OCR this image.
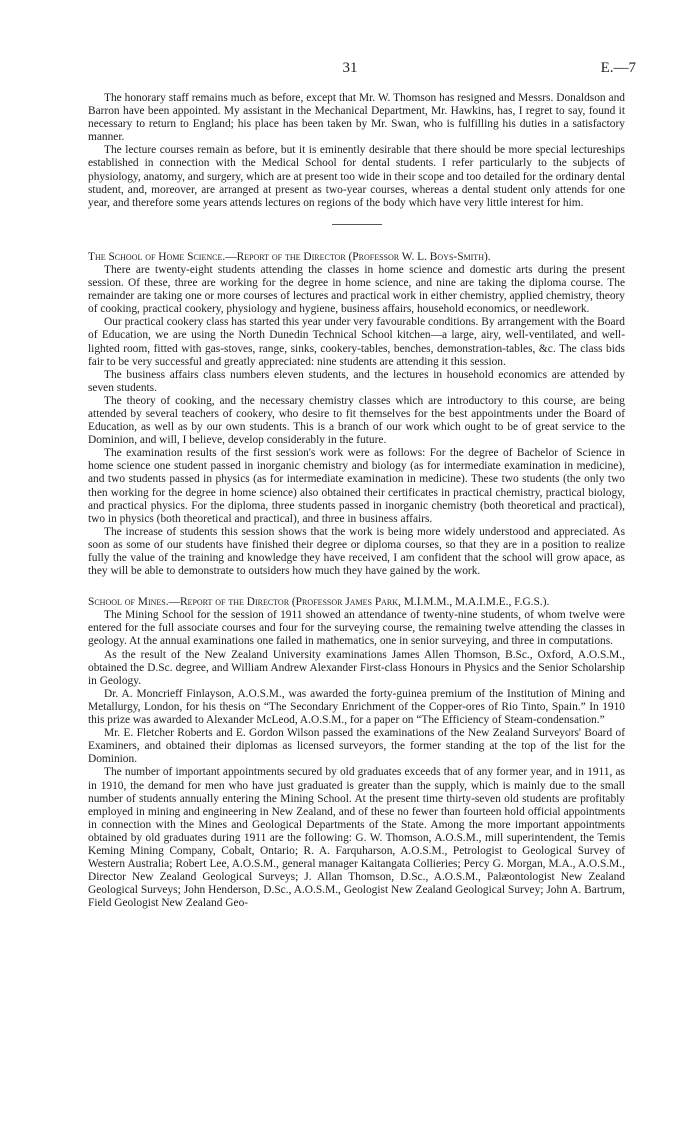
31	E.—7

The honorary staff remains much as before, except that Mr. W. Thomson has resigned and Messrs. Donaldson and Barron have been appointed. My assistant in the Mechanical Department, Mr. Hawkins, has, I regret to say, found it necessary to return to England; his place has been taken by Mr. Swan, who is fulfilling his duties in a satisfactory manner.

The lecture courses remain as before, but it is eminently desirable that there should be more special lectureships established in connection with the Medical School for dental students. I refer particularly to the subjects of physiology, anatomy, and surgery, which are at present too wide in their scope and too detailed for the ordinary dental student, and, moreover, are arranged at present as two-year courses, whereas a dental student only attends for one year, and therefore some years attends lectures on regions of the body which have very little interest for him.

The School of Home Science.—Report of the Director (Professor W. L. Boys-Smith).

There are twenty-eight students attending the classes in home science and domestic arts during the present session. Of these, three are working for the degree in home science, and nine are taking the diploma course. The remainder are taking one or more courses of lectures and practical work in either chemistry, applied chemistry, theory of cooking, practical cookery, physiology and hygiene, business affairs, household economics, or needlework.

Our practical cookery class has started this year under very favourable conditions. By arrangement with the Board of Education, we are using the North Dunedin Technical School kitchen—a large, airy, well-ventilated, and well-lighted room, fitted with gas-stoves, range, sinks, cookery-tables, benches, demonstration-tables, &c. The class bids fair to be very successful and greatly appreciated: nine students are attending it this session.

The business affairs class numbers eleven students, and the lectures in household economics are attended by seven students.

The theory of cooking, and the necessary chemistry classes which are introductory to this course, are being attended by several teachers of cookery, who desire to fit themselves for the best appointments under the Board of Education, as well as by our own students. This is a branch of our work which ought to be of great service to the Dominion, and will, I believe, develop considerably in the future.

The examination results of the first session's work were as follows: For the degree of Bachelor of Science in home science one student passed in inorganic chemistry and biology (as for intermediate examination in medicine), and two students passed in physics (as for intermediate examination in medicine). These two students (the only two then working for the degree in home science) also obtained their certificates in practical chemistry, practical biology, and practical physics. For the diploma, three students passed in inorganic chemistry (both theoretical and practical), two in physics (both theoretical and practical), and three in business affairs.

The increase of students this session shows that the work is being more widely understood and appreciated. As soon as some of our students have finished their degree or diploma courses, so that they are in a position to realize fully the value of the training and knowledge they have received, I am confident that the school will grow apace, as they will be able to demonstrate to outsiders how much they have gained by the work.

School of Mines.—Report of the Director (Professor James Park, M.I.M.M., M.A.I.M.E., F.G.S.).

The Mining School for the session of 1911 showed an attendance of twenty-nine students, of whom twelve were entered for the full associate courses and four for the surveying course, the remaining twelve attending the classes in geology. At the annual examinations one failed in mathematics, one in senior surveying, and three in computations.

As the result of the New Zealand University examinations James Allen Thomson, B.Sc., Oxford, A.O.S.M., obtained the D.Sc. degree, and William Andrew Alexander First-class Honours in Physics and the Senior Scholarship in Geology.

Dr. A. Moncrieff Finlayson, A.O.S.M., was awarded the forty-guinea premium of the Institution of Mining and Metallurgy, London, for his thesis on “The Secondary Enrichment of the Copper-ores of Rio Tinto, Spain.” In 1910 this prize was awarded to Alexander McLeod, A.O.S.M., for a paper on “The Efficiency of Steam-condensation.”

Mr. E. Fletcher Roberts and E. Gordon Wilson passed the examinations of the New Zealand Surveyors' Board of Examiners, and obtained their diplomas as licensed surveyors, the former standing at the top of the list for the Dominion.

The number of important appointments secured by old graduates exceeds that of any former year, and in 1911, as in 1910, the demand for men who have just graduated is greater than the supply, which is mainly due to the small number of students annually entering the Mining School. At the present time thirty-seven old students are profitably employed in mining and engineering in New Zealand, and of these no fewer than fourteen hold official appointments in connection with the Mines and Geological Departments of the State. Among the more important appointments obtained by old graduates during 1911 are the following: G. W. Thomson, A.O.S.M., mill superintendent, the Temis Keming Mining Company, Cobalt, Ontario; R. A. Farquharson, A.O.S.M., Petrologist to Geological Survey of Western Australia; Robert Lee, A.O.S.M., general manager Kaitangata Collieries; Percy G. Morgan, M.A., A.O.S.M., Director New Zealand Geological Surveys; J. Allan Thomson, D.Sc., A.O.S.M., Palæontologist New Zealand Geological Surveys; John Henderson, D.Sc., A.O.S.M., Geologist New Zealand Geological Survey; John A. Bartrum, Field Geologist New Zealand Geo-
